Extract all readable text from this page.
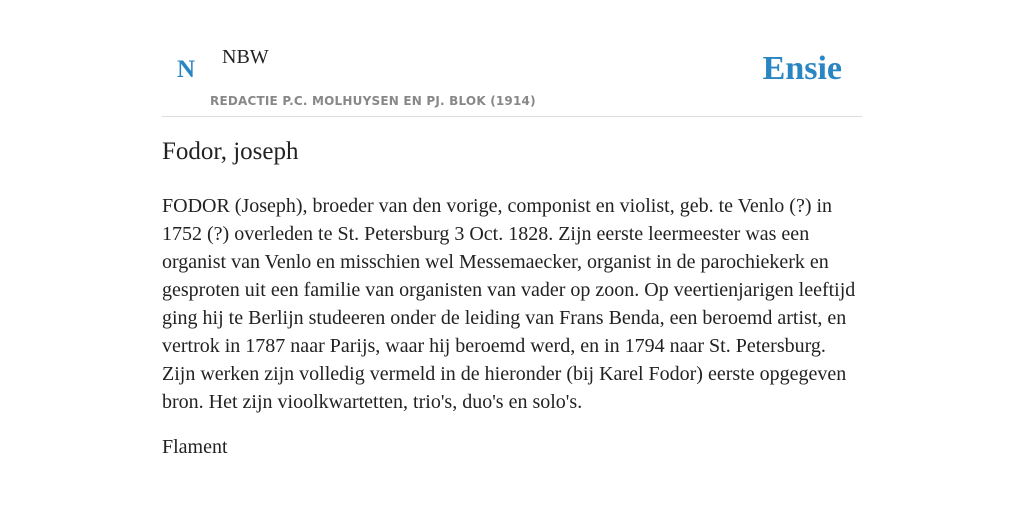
N NBW
REDACTIE P.C. MOLHUYSEN EN PJ. BLOK (1914)
Ensie
Fodor, joseph

FODOR (Joseph), broeder van den vorige, componist en violist, geb. te Venlo (?) in 1752 (?) overleden te St. Petersburg 3 Oct. 1828. Zijn eerste leermeester was een organist van Venlo en misschien wel Messemaecker, organist in de parochiekerk en gesproten uit een familie van organisten van vader op zoon. Op veertienjarigen leeftijd ging hij te Berlijn studeeren onder de leiding van Frans Benda, een beroemd artist, en vertrok in 1787 naar Parijs, waar hij beroemd werd, en in 1794 naar St. Petersburg. Zijn werken zijn volledig vermeld in de hieronder (bij Karel Fodor) eerste opgegeven bron. Het zijn vioolkwartetten, trio's, duo's en solo's.

Flament
